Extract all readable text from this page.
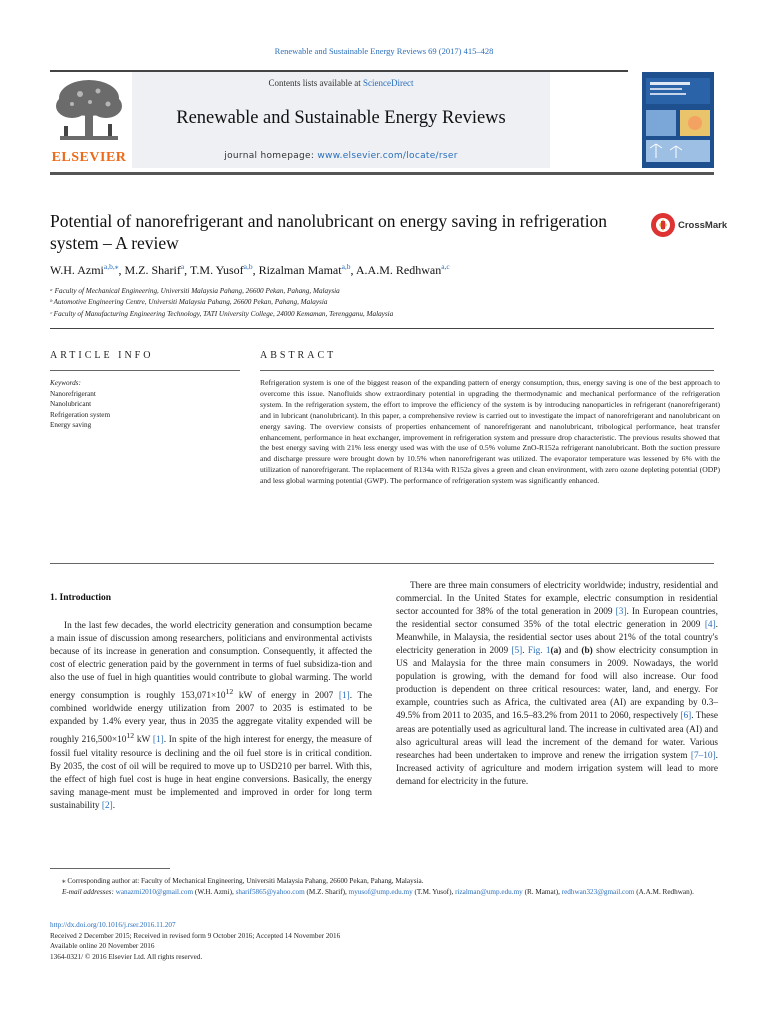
Renewable and Sustainable Energy Reviews 69 (2017) 415–428
ELSEVIER
Contents lists available at ScienceDirect
Renewable and Sustainable Energy Reviews
journal homepage: www.elsevier.com/locate/rser
Potential of nanorefrigerant and nanolubricant on energy saving in refrigeration system – A review
CrossMark
W.H. Azmi$^{a,b,⁎}$, M.Z. Sharif$^a$, T.M. Yusof$^{a,b}$, Rizalman Mamat$^{a,b}$, A.A.M. Redhwan$^{a,c}$
ᵃ Faculty of Mechanical Engineering, Universiti Malaysia Pahang, 26600 Pekan, Pahang, Malaysia
ᵇ Automotive Engineering Centre, Universiti Malaysia Pahang, 26600 Pekan, Pahang, Malaysia
ᶜ Faculty of Manufacturing Engineering Technology, TATI University College, 24000 Kemaman, Terengganu, Malaysia
ARTICLE INFO	ABSTRACT
Keywords:
Nanorefrigerant
Nanolubricant
Refrigeration system
Energy saving
Refrigeration system is one of the biggest reason of the expanding pattern of energy consumption, thus, energy saving is one of the best approach to overcome this issue. Nanofluids show extraordinary potential in upgrading the thermodynamic and mechanical performance of the refrigeration system. In the refrigeration system, the effort to improve the efficiency of the system is by introducing nanoparticles in refrigerant (nanorefrigerant) and in lubricant (nanolubricant). In this paper, a comprehensive review is carried out to investigate the impact of nanorefrigerant and nanolubricant on energy saving. The overview consists of properties enhancement of nanorefrigerant and nanolubricant, tribological performance, heat transfer enhancement, performance in heat exchanger, improvement in refrigeration system and pressure drop characteristic. The previous results showed that the best energy saving with 21% less energy used was with the use of 0.5% volume ZnO-R152a refrigerant nanolubricant. Both the suction pressure and discharge pressure were brought down by 10.5% when nanorefrigerant was utilized. The evaporator temperature was lessened by 6% with the utilization of nanorefrigerant. The replacement of R134a with R152a gives a green and clean environment, with zero ozone depleting potential (ODP) and less global warming potential (GWP). The performance of refrigeration system was significantly enhanced.
1. Introduction

In the last few decades, the world electricity generation and consumption became a main issue of discussion among researchers, politicians and environmental activists because of its increase in generation and consumption. Consequently, it affected the cost of electric generation paid by the government in terms of fuel subsidiza-tion and also the use of fuel in high quantities would contribute to global warming. The world energy consumption is roughly $153,071\times 10^{12}$ kW of energy in 2007 [1]. The combined worldwide energy utilization from 2007 to 2035 is estimated to be expanded by 1.4% every year, thus in 2035 the aggregate vitality expended will be roughly $216,500\times 10^{12}$ kW [1]. In spite of the high interest for energy, the measure of fossil fuel vitality resource is declining and the oil fuel store is in critical condition. By 2035, the cost of oil will be required to move up to USD210 per barrel. With this, the effect of high fuel cost is huge in heat engine conversions. Basically, the energy saving manage-ment must be implemented and improved in order for long term sustainability [2].

There are three main consumers of electricity worldwide; industry, residential and commercial. In the United States for example, electric consumption in residential sector accounted for 38% of the total generation in 2009 [3]. In European countries, the residential sector consumed 35% of the total electric generation in 2009 [4]. Meanwhile, in Malaysia, the residential sector uses about 21% of the total country's electricity generation in 2009 [5]. Fig. 1(a) and (b) show electricity consumption in US and Malaysia for the three main consumers in 2009. Nowadays, the world population is growing, with the demand for food will also increase. Our food production is dependent on three critical resources: water, land, and energy. For example, countries such as Africa, the cultivated area (AI) are expanding by 0.3–49.5% from 2011 to 2035, and 16.5–83.2% from 2011 to 2060, respectively [6]. These areas are potentially used as agricultural land. The increase in cultivated area (AI) and also agricultural areas will lead the increment of the demand for water. Various researches had been undertaken to improve and renew the irrigation system [7–10]. Increased activity of agriculture and modern irrigation system will lead to more demand for electricity in the future.

⁎ Corresponding author at: Faculty of Mechanical Engineering, Universiti Malaysia Pahang, 26600 Pekan, Pahang, Malaysia.
E-mail addresses: wanazmi2010@gmail.com (W.H. Azmi), sharif5865@yahoo.com (M.Z. Sharif), myusof@ump.edu.my (T.M. Yusof), rizalman@ump.edu.my (R. Mamat), redhwan323@gmail.com (A.A.M. Redhwan).
http://dx.doi.org/10.1016/j.rser.2016.11.207
Received 2 December 2015; Received in revised form 9 October 2016; Accepted 14 November 2016
Available online 20 November 2016
1364-0321/ © 2016 Elsevier Ltd. All rights reserved.
